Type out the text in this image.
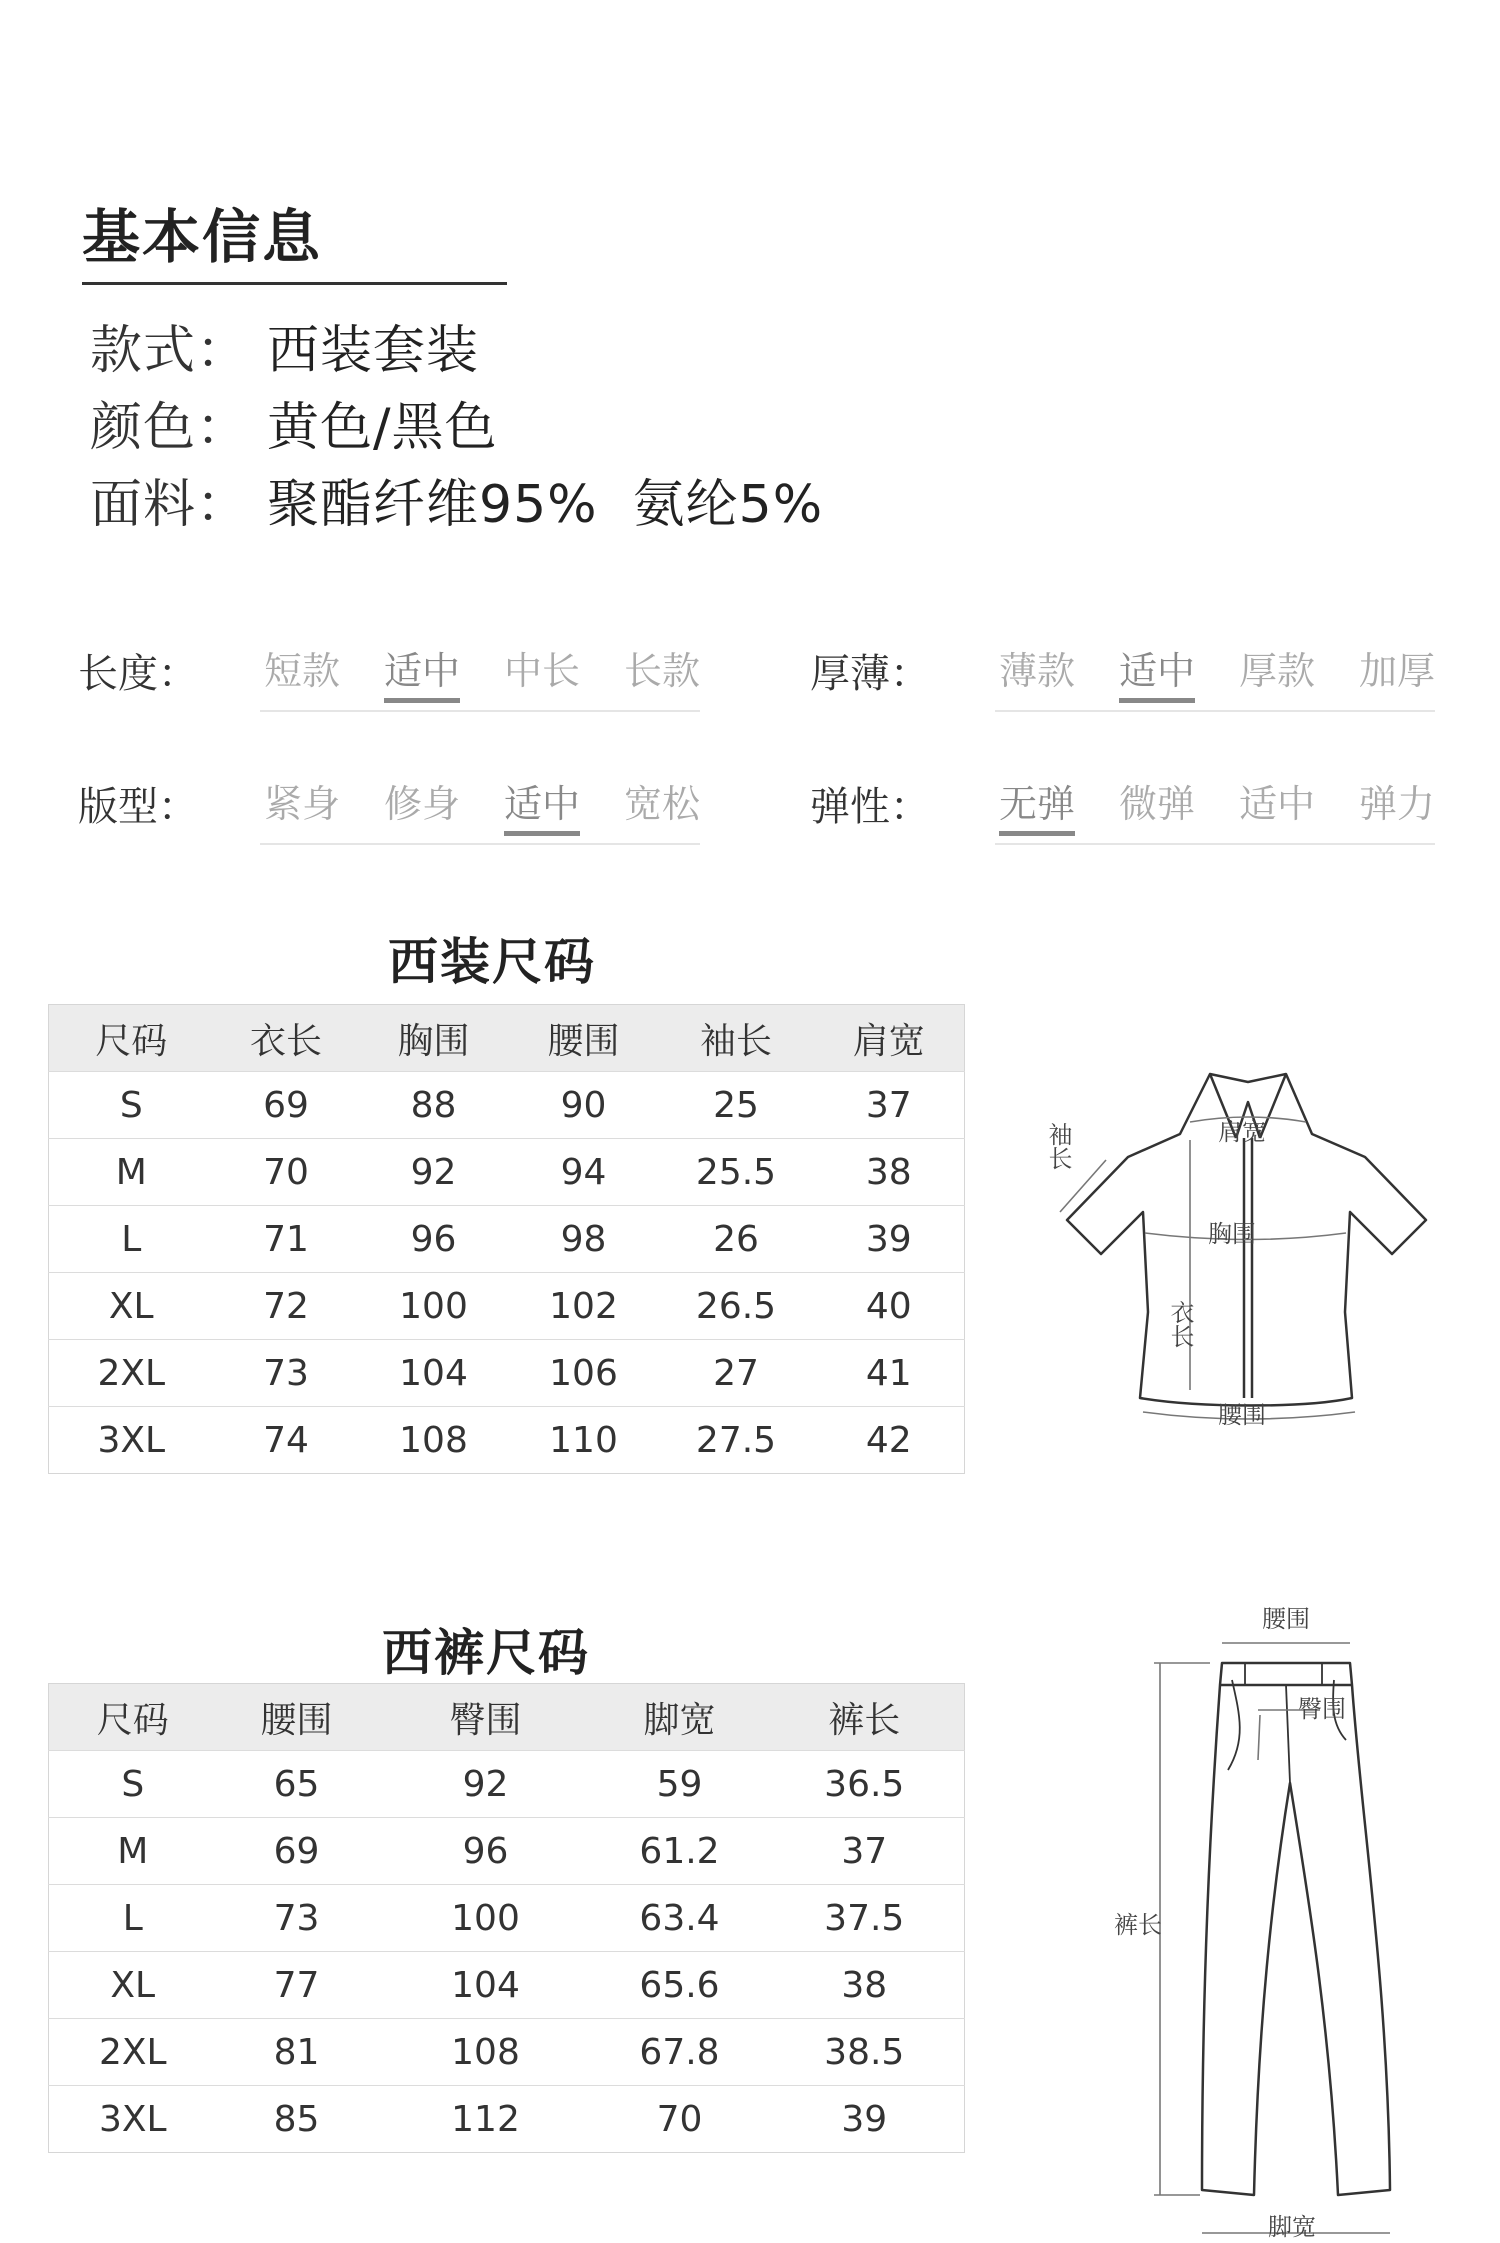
基本信息
款式： 西装套装
颜色： 黄色/黑色
面料： 聚酯纤维95%  氨纶5%
长度： 短款 适中 中长 长款	厚薄： 薄款 适中 厚款 加厚
版型： 紧身 修身 适中 宽松	弹性： 无弹 微弹 适中 弹力
西装尺码
尺码	衣长	胸围	腰围	袖长	肩宽
S	69	88	90	25	37
M	70	92	94	25.5	38
L	71	96	98	26	39
XL	72	100	102	26.5	40
2XL	73	104	106	27	41
3XL	74	108	110	27.5	42
袖长	肩宽
胸围
衣长
腰围
西裤尺码
尺码	腰围	臀围	脚宽	裤长
S	65	92	59	36.5
M	69	96	61.2	37
L	73	100	63.4	37.5
XL	77	104	65.6	38
2XL	81	108	67.8	38.5
3XL	85	112	70	39
腰围
臀围
裤长
脚宽
